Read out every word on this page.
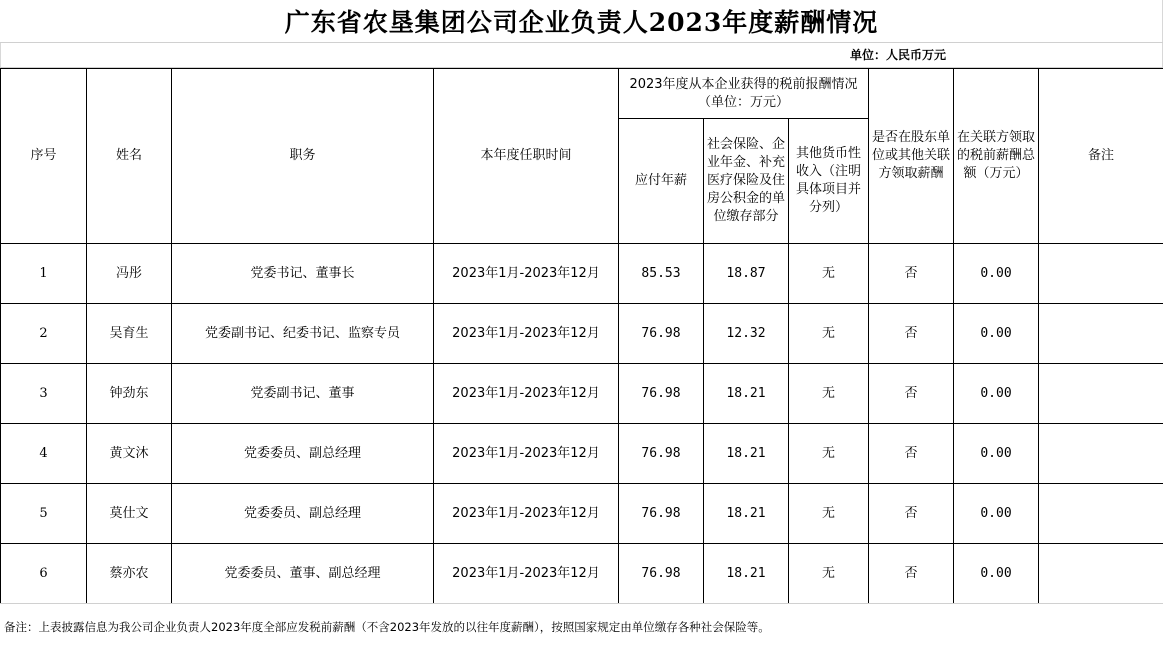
广东省农垦集团公司企业负责人2023年度薪酬情况
单位：人民币万元
序号	姓名	职务	本年度任职时间	2023年度从本企业获得的税前报酬情况（单位：万元）			是否在股东单位或其他关联方领取薪酬	在关联方领取的税前薪酬总额（万元）	备注
				应付年薪	社会保险、企业年金、补充医疗保险及住房公积金的单位缴存部分	其他货币性收入（注明具体项目并分列）			
1	冯彤	党委书记、董事长	2023年1月-2023年12月	85.53	18.87	无	否	0.00	
2	吴育生	党委副书记、纪委书记、监察专员	2023年1月-2023年12月	76.98	12.32	无	否	0.00	
3	钟劲东	党委副书记、董事	2023年1月-2023年12月	76.98	18.21	无	否	0.00	
4	黄文沐	党委委员、副总经理	2023年1月-2023年12月	76.98	18.21	无	否	0.00	
5	莫仕文	党委委员、副总经理	2023年1月-2023年12月	76.98	18.21	无	否	0.00	
6	蔡亦农	党委委员、董事、副总经理	2023年1月-2023年12月	76.98	18.21	无	否	0.00	
备注：上表披露信息为我公司企业负责人2023年度全部应发税前薪酬（不含2023年发放的以往年度薪酬），按照国家规定由单位缴存各种社会保险等。
